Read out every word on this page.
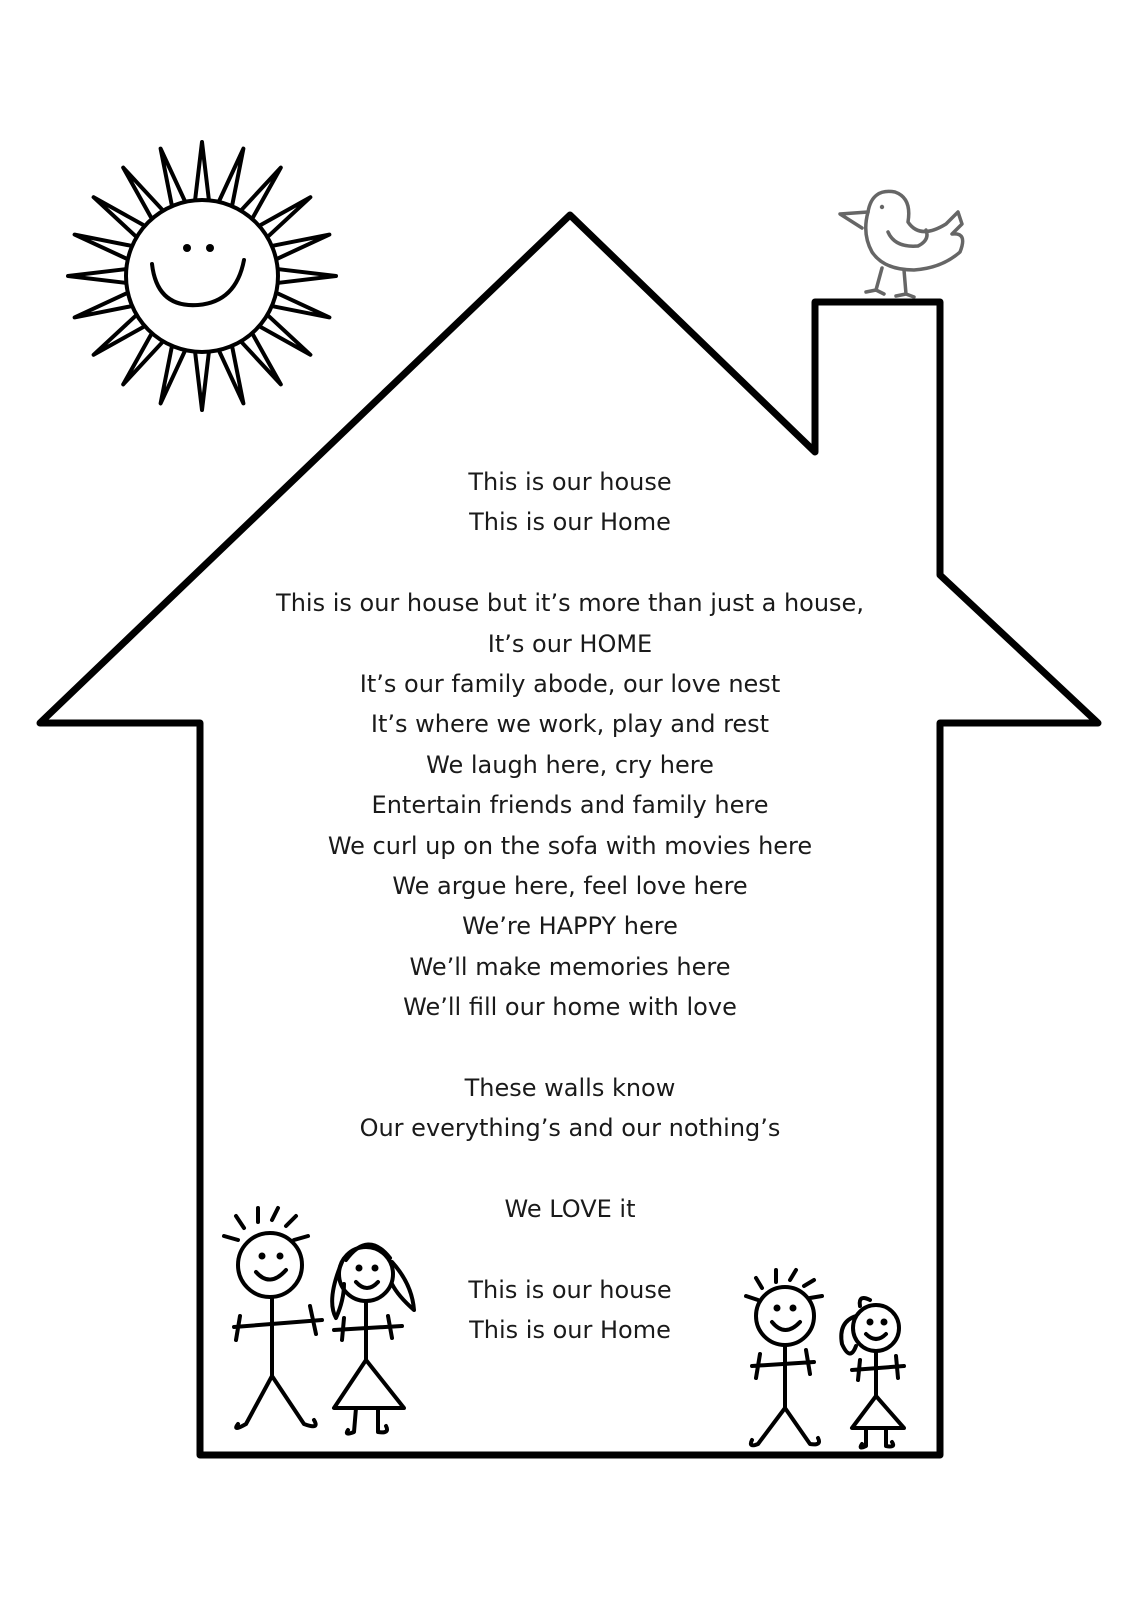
This is our house
This is our Home
This is our house but it’s more than just a house,
It’s our HOME
It’s our family abode, our love nest
It’s where we work, play and rest
We laugh here, cry here
Entertain friends and family here
We curl up on the sofa with movies here
We argue here, feel love here
We’re HAPPY here
We’ll make memories here
We’ll fill our home with love
These walls know
Our everything’s and our nothing’s
We LOVE it
This is our house
This is our Home
